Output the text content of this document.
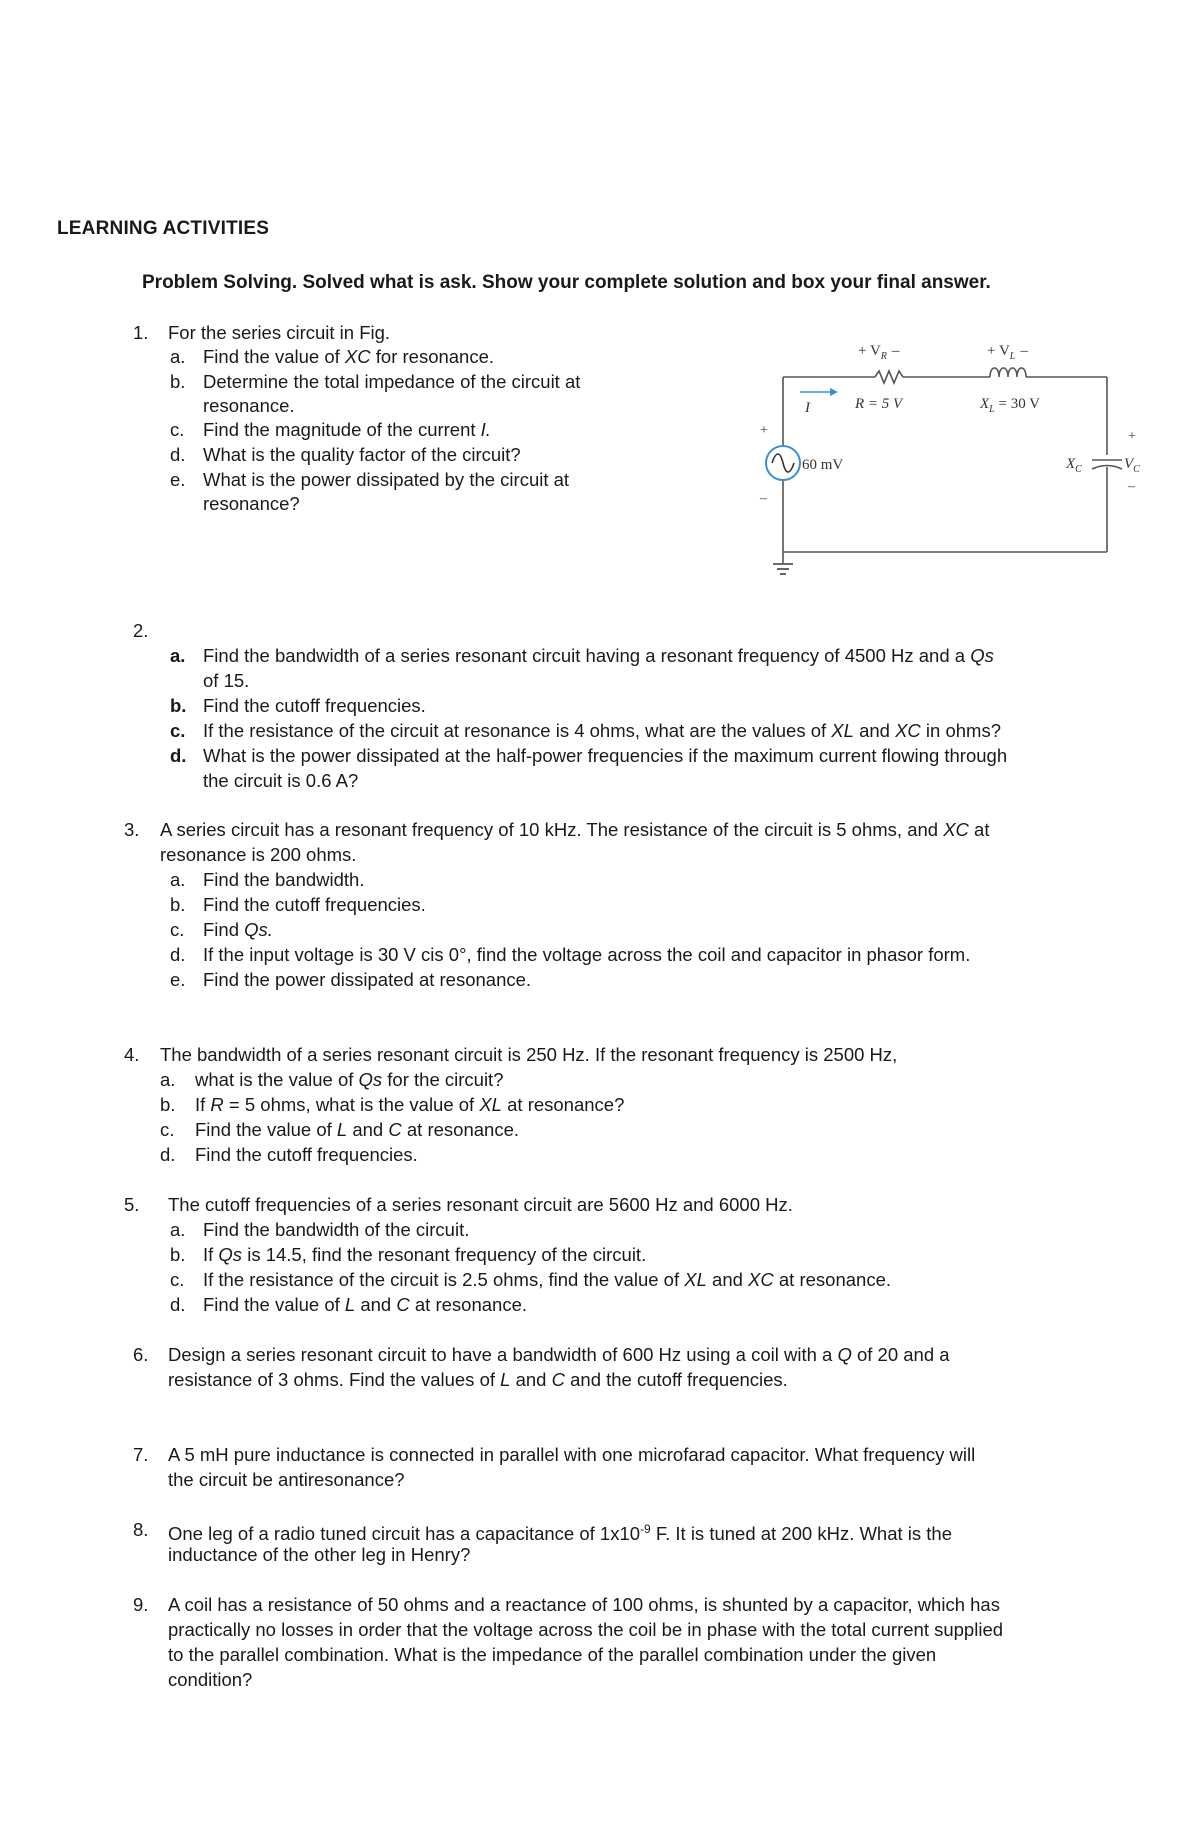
LEARNING ACTIVITIES
Problem Solving. Solved what is ask. Show your complete solution and box your final answer.
1. For the series circuit in Fig.
a. Find the value of XC for resonance.
b. Determine the total impedance of the circuit at
resonance.
c. Find the magnitude of the current I.
d. What is the quality factor of the circuit?
e. What is the power dissipated by the circuit at
resonance?
I
+ $V_R$ –	+ $V_L$ –
R = 5 V	$X_L = 30$ V
60 mV	$X_C$	$V_C$
+
–
+
–
2.
a. Find the bandwidth of a series resonant circuit having a resonant frequency of 4500 Hz and a Qs
of 15.
b. Find the cutoff frequencies.
c. If the resistance of the circuit at resonance is 4 ohms, what are the values of XL and XC in ohms?
d. What is the power dissipated at the half-power frequencies if the maximum current flowing through
the circuit is 0.6 A?
3. A series circuit has a resonant frequency of 10 kHz. The resistance of the circuit is 5 ohms, and XC at
resonance is 200 ohms.
a. Find the bandwidth.
b. Find the cutoff frequencies.
c. Find Qs.
d. If the input voltage is 30 V cis 0°, find the voltage across the coil and capacitor in phasor form.
e. Find the power dissipated at resonance.
4. The bandwidth of a series resonant circuit is 250 Hz. If the resonant frequency is 2500 Hz,
a. what is the value of Qs for the circuit?
b. If R = 5 ohms, what is the value of XL at resonance?
c. Find the value of L and C at resonance.
d. Find the cutoff frequencies.
5. The cutoff frequencies of a series resonant circuit are 5600 Hz and 6000 Hz.
a. Find the bandwidth of the circuit.
b. If Qs is 14.5, find the resonant frequency of the circuit.
c. If the resistance of the circuit is 2.5 ohms, find the value of XL and XC at resonance.
d. Find the value of L and C at resonance.
6. Design a series resonant circuit to have a bandwidth of 600 Hz using a coil with a Q of 20 and a
resistance of 3 ohms. Find the values of L and C and the cutoff frequencies.
7. A 5 mH pure inductance is connected in parallel with one microfarad capacitor. What frequency will
the circuit be antiresonance?
8. One leg of a radio tuned circuit has a capacitance of $1x10^{-9}$ F. It is tuned at 200 kHz. What is the
inductance of the other leg in Henry?
9. A coil has a resistance of 50 ohms and a reactance of 100 ohms, is shunted by a capacitor, which has
practically no losses in order that the voltage across the coil be in phase with the total current supplied
to the parallel combination. What is the impedance of the parallel combination under the given
condition?
